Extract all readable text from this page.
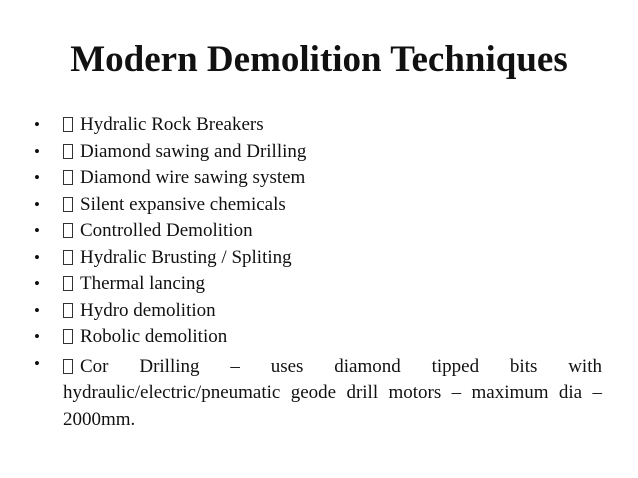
Modern Demolition Techniques
• Hydralic Rock Breakers
• Diamond sawing and Drilling
• Diamond wire sawing system
• Silent expansive chemicals
• Controlled Demolition
• Hydralic Brusting / Spliting
• Thermal lancing
• Hydro demolition
• Robolic demolition
• Cor Drilling – uses diamond tipped bits with hydraulic/electric/pneumatic geode drill motors – maximum dia – 2000mm.
